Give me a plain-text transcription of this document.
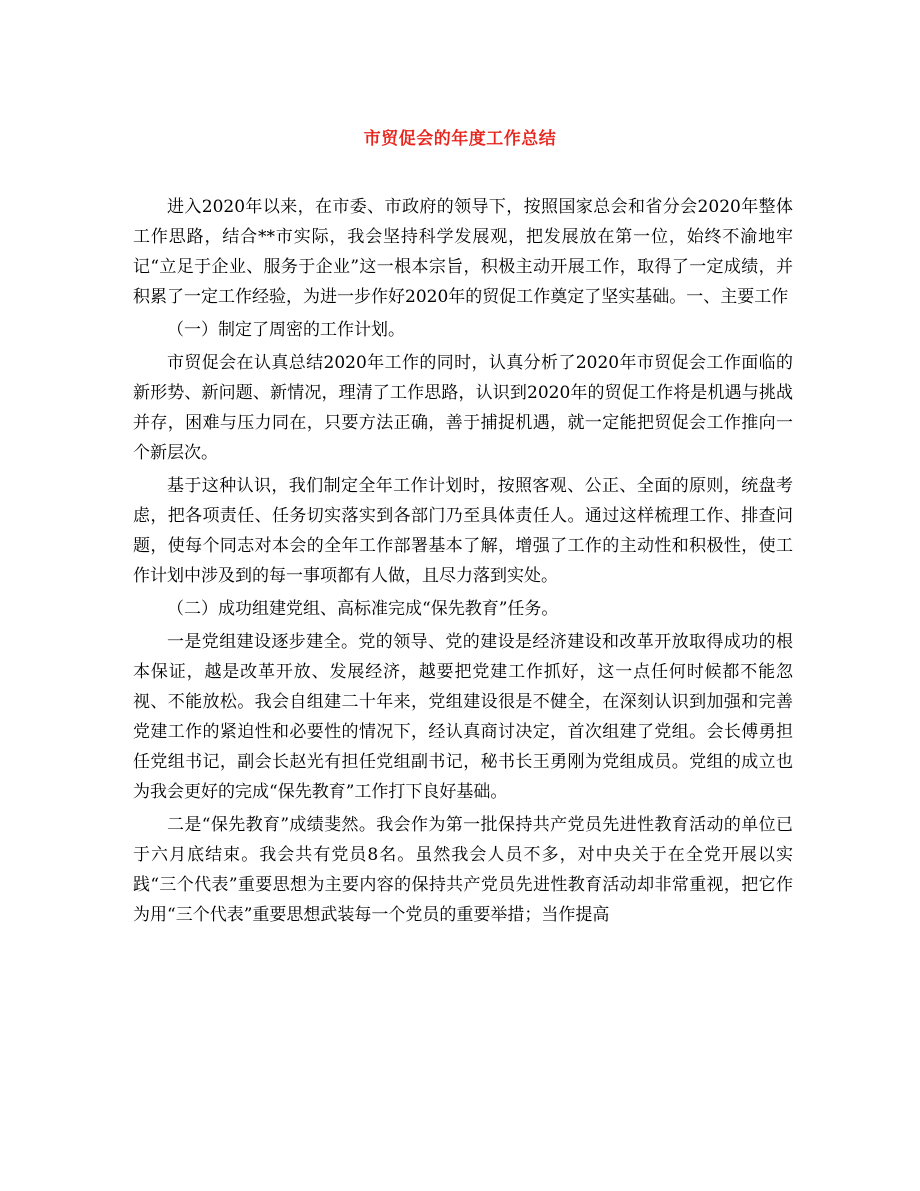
市贸促会的年度工作总结

进入2020年以来，在市委、市政府的领导下，按照国家总会和省分会2020年整体工作思路，结合**市实际，我会坚持科学发展观，把发展放在第一位，始终不渝地牢记“立足于企业、服务于企业”这一根本宗旨，积极主动开展工作，取得了一定成绩，并积累了一定工作经验，为进一步作好2020年的贸促工作奠定了坚实基础。一、主要工作

（一）制定了周密的工作计划。

市贸促会在认真总结2020年工作的同时，认真分析了2020年市贸促会工作面临的新形势、新问题、新情况，理清了工作思路，认识到2020年的贸促工作将是机遇与挑战并存，困难与压力同在，只要方法正确，善于捕捉机遇，就一定能把贸促会工作推向一个新层次。

基于这种认识，我们制定全年工作计划时，按照客观、公正、全面的原则，统盘考虑，把各项责任、任务切实落实到各部门乃至具体责任人。通过这样梳理工作、排查问题，使每个同志对本会的全年工作部署基本了解，增强了工作的主动性和积极性，使工作计划中涉及到的每一事项都有人做，且尽力落到实处。

（二）成功组建党组、高标准完成“保先教育”任务。

一是党组建设逐步建全。党的领导、党的建设是经济建设和改革开放取得成功的根本保证，越是改革开放、发展经济，越要把党建工作抓好，这一点任何时候都不能忽视、不能放松。我会自组建二十年来，党组建设很是不健全，在深刻认识到加强和完善党建工作的紧迫性和必要性的情况下，经认真商讨决定，首次组建了党组。会长傅勇担任党组书记，副会长赵光有担任党组副书记，秘书长王勇刚为党组成员。党组的成立也为我会更好的完成“保先教育”工作打下良好基础。

二是“保先教育”成绩斐然。我会作为第一批保持共产党员先进性教育活动的单位已于六月底结束。我会共有党员8名。虽然我会人员不多，对中央关于在全党开展以实践“三个代表”重要思想为主要内容的保持共产党员先进性教育活动却非常重视，把它作为用“三个代表”重要思想武装每一个党员的重要举措；当作提高
